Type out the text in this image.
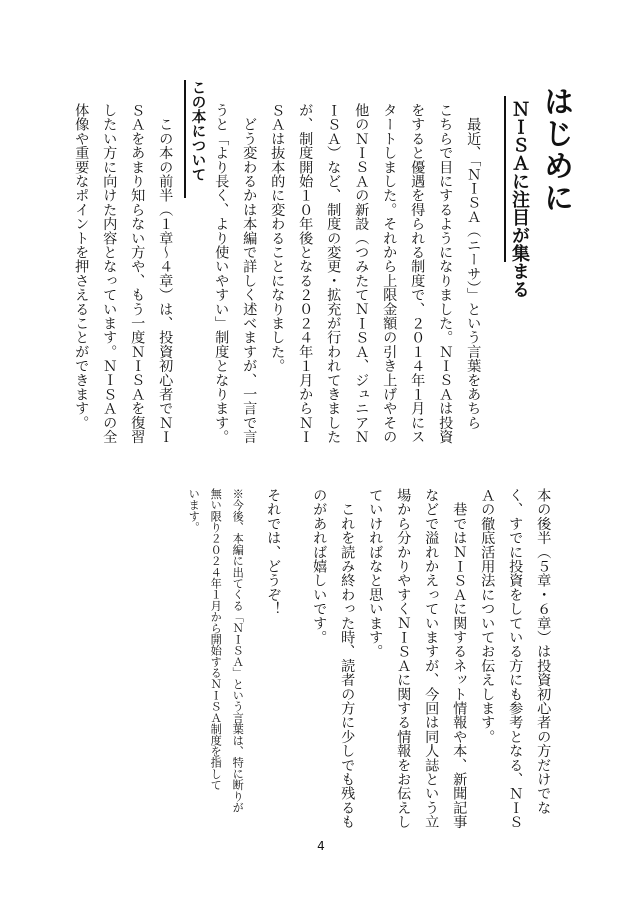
はじめに
ＮＩＳＡに注目が集まる
　最近、「ＮＩＳＡ（ニーサ）」という言葉をあちら
こちらで目にするようになりました。ＮＩＳＡは投資
をすると優遇を得られる制度で、２０１４年１月にス
タートしました。それから上限金額の引き上げやその
他のＮＩＳＡの新設（つみたてＮＩＳＡ、ジュニアＮ
ＩＳＡ）など、制度の変更・拡充が行われてきました
が、制度開始１０年後となる２０２４年１月からＮＩ
ＳＡは抜本的に変わることになりました。
　どう変わるかは本編で詳しく述べますが、一言で言
うと「より長く、より使いやすい」制度となります。
この本について
　この本の前半（１章～４章）は、投資初心者でＮＩ
ＳＡをあまり知らない方や、もう一度ＮＩＳＡを復習
したい方に向けた内容となっています。ＮＩＳＡの全
体像や重要なポイントを押さえることができます。
本の後半（５章・６章）は投資初心者の方だけでな
く、すでに投資をしている方にも参考となる、ＮＩＳ
Ａの徹底活用法についてお伝えします。
　巷ではＮＩＳＡに関するネット情報や本、新聞記事
などで溢れかえっていますが、今回は同人誌という立
場から分かりやすくＮＩＳＡに関する情報をお伝えし
ていければなと思います。
　これを読み終わった時、読者の方に少しでも残るも
のがあれば嬉しいです。
それでは、どうぞ！
※今後、本編に出てくる「ＮＩＳＡ」という言葉は、特に断りが
無い限り２０２４年１月から開始するＮＩＳＡ制度を指して
います。
4
